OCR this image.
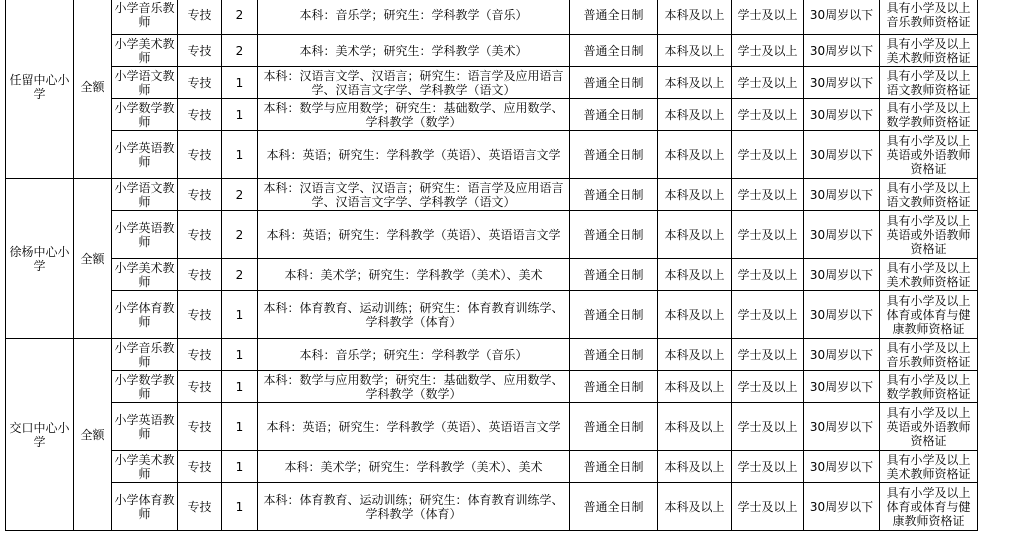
任留中心小学	全额	小学音乐教师	专技	2	本科：音乐学；研究生：学科教学（音乐）	普通全日制	本科及以上	学士及以上	30周岁以下	具有小学及以上音乐教师资格证
		小学美术教师	专技	2	本科：美术学；研究生：学科教学（美术）	普通全日制	本科及以上	学士及以上	30周岁以下	具有小学及以上美术教师资格证
		小学语文教师	专技	1	本科：汉语言文学、汉语言；研究生：语言学及应用语言学、汉语言文字学、学科教学（语文）	普通全日制	本科及以上	学士及以上	30周岁以下	具有小学及以上语文教师资格证
		小学数学教师	专技	1	本科：数学与应用数学；研究生：基础数学、应用数学、学科教学（数学）	普通全日制	本科及以上	学士及以上	30周岁以下	具有小学及以上数学教师资格证
		小学英语教师	专技	1	本科：英语；研究生：学科教学（英语）、英语语言文学	普通全日制	本科及以上	学士及以上	30周岁以下	具有小学及以上英语或外语教师资格证
徐杨中心小学	全额	小学语文教师	专技	2	本科：汉语言文学、汉语言；研究生：语言学及应用语言学、汉语言文字学、学科教学（语文）	普通全日制	本科及以上	学士及以上	30周岁以下	具有小学及以上语文教师资格证
		小学英语教师	专技	2	本科：英语；研究生：学科教学（英语）、英语语言文学	普通全日制	本科及以上	学士及以上	30周岁以下	具有小学及以上英语或外语教师资格证
		小学美术教师	专技	2	本科：美术学；研究生：学科教学（美术）、美术	普通全日制	本科及以上	学士及以上	30周岁以下	具有小学及以上美术教师资格证
		小学体育教师	专技	1	本科：体育教育、运动训练；研究生：体育教育训练学、学科教学（体育）	普通全日制	本科及以上	学士及以上	30周岁以下	具有小学及以上体育或体育与健康教师资格证
交口中心小学	全额	小学音乐教师	专技	1	本科：音乐学；研究生：学科教学（音乐）	普通全日制	本科及以上	学士及以上	30周岁以下	具有小学及以上音乐教师资格证
		小学数学教师	专技	1	本科：数学与应用数学；研究生：基础数学、应用数学、学科教学（数学）	普通全日制	本科及以上	学士及以上	30周岁以下	具有小学及以上数学教师资格证
		小学英语教师	专技	1	本科：英语；研究生：学科教学（英语）、英语语言文学	普通全日制	本科及以上	学士及以上	30周岁以下	具有小学及以上英语或外语教师资格证
		小学美术教师	专技	1	本科：美术学；研究生：学科教学（美术）、美术	普通全日制	本科及以上	学士及以上	30周岁以下	具有小学及以上美术教师资格证
		小学体育教师	专技	1	本科：体育教育、运动训练；研究生：体育教育训练学、学科教学（体育）	普通全日制	本科及以上	学士及以上	30周岁以下	具有小学及以上体育或体育与健康教师资格证
